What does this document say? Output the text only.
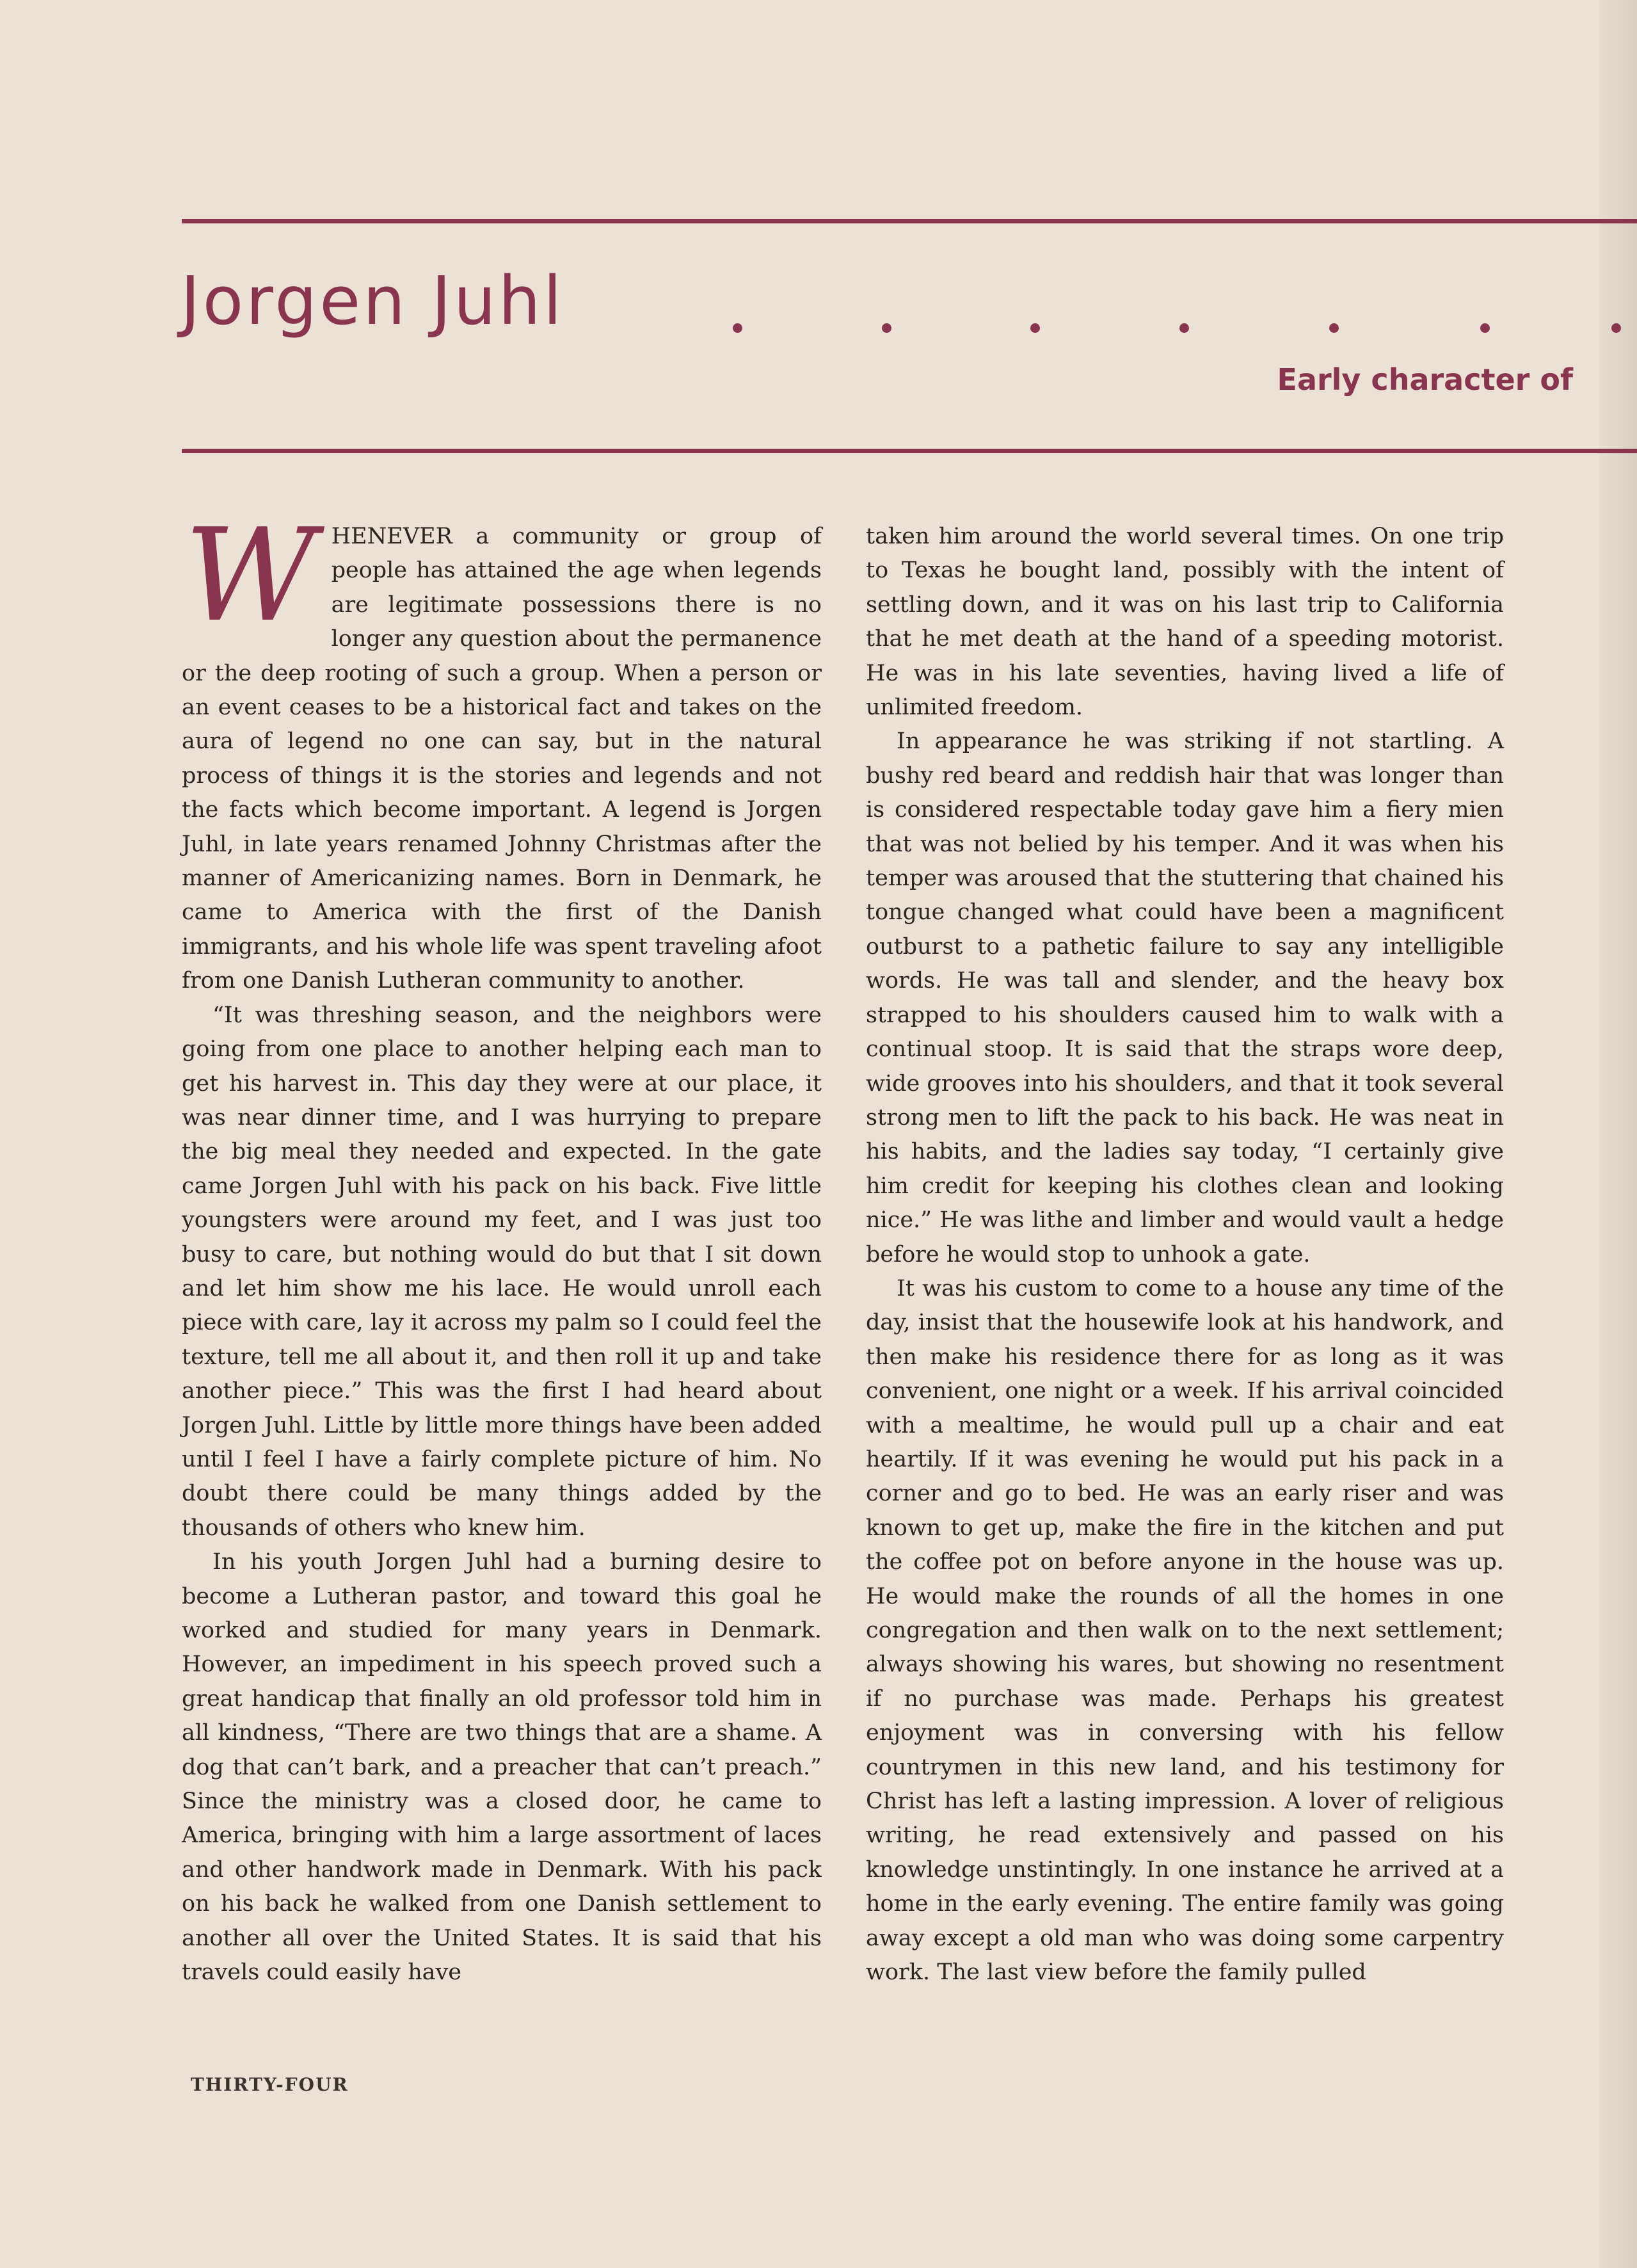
Jorgen Juhl
Early character of

WHENEVER a community or group of people has attained the age when legends are legitimate possessions there is no longer any question about the permanence or the deep rooting of such a group. When a person or an event ceases to be a historical fact and takes on the aura of legend no one can say, but in the natural process of things it is the stories and legends and not the facts which become important. A legend is Jorgen Juhl, in late years renamed Johnny Christmas after the manner of Americanizing names. Born in Denmark, he came to America with the first of the Danish immigrants, and his whole life was spent traveling afoot from one Danish Lutheran community to another.

“It was threshing season, and the neighbors were going from one place to another helping each man to get his harvest in. This day they were at our place, it was near dinner time, and I was hurrying to prepare the big meal they needed and expected. In the gate came Jorgen Juhl with his pack on his back. Five little youngsters were around my feet, and I was just too busy to care, but nothing would do but that I sit down and let him show me his lace. He would unroll each piece with care, lay it across my palm so I could feel the texture, tell me all about it, and then roll it up and take another piece.” This was the first I had heard about Jorgen Juhl. Little by little more things have been added until I feel I have a fairly complete picture of him. No doubt there could be many things added by the thousands of others who knew him.

In his youth Jorgen Juhl had a burning desire to become a Lutheran pastor, and toward this goal he worked and studied for many years in Denmark. However, an impediment in his speech proved such a great handicap that finally an old professor told him in all kindness, “There are two things that are a shame. A dog that can’t bark, and a preacher that can’t preach.” Since the ministry was a closed door, he came to America, bringing with him a large assortment of laces and other handwork made in Denmark. With his pack on his back he walked from one Danish settlement to another all over the United States. It is said that his travels could easily have

taken him around the world several times. On one trip to Texas he bought land, possibly with the intent of settling down, and it was on his last trip to California that he met death at the hand of a speeding motorist. He was in his late seventies, having lived a life of unlimited freedom.

In appearance he was striking if not startling. A bushy red beard and reddish hair that was longer than is considered respectable today gave him a fiery mien that was not belied by his temper. And it was when his temper was aroused that the stuttering that chained his tongue changed what could have been a magnificent outburst to a pathetic failure to say any intelligible words. He was tall and slender, and the heavy box strapped to his shoulders caused him to walk with a continual stoop. It is said that the straps wore deep, wide grooves into his shoulders, and that it took several strong men to lift the pack to his back. He was neat in his habits, and the ladies say today, “I certainly give him credit for keeping his clothes clean and looking nice.” He was lithe and limber and would vault a hedge before he would stop to unhook a gate.

It was his custom to come to a house any time of the day, insist that the housewife look at his handwork, and then make his residence there for as long as it was convenient, one night or a week. If his arrival coincided with a mealtime, he would pull up a chair and eat heartily. If it was evening he would put his pack in a corner and go to bed. He was an early riser and was known to get up, make the fire in the kitchen and put the coffee pot on before anyone in the house was up. He would make the rounds of all the homes in one congregation and then walk on to the next settlement; always showing his wares, but showing no resentment if no purchase was made. Perhaps his greatest enjoyment was in conversing with his fellow countrymen in this new land, and his testimony for Christ has left a lasting impression. A lover of religious writing, he read extensively and passed on his knowledge unstintingly. In one instance he arrived at a home in the early evening. The entire family was going away except a old man who was doing some carpentry work. The last view before the family pulled

THIRTY-FOUR
